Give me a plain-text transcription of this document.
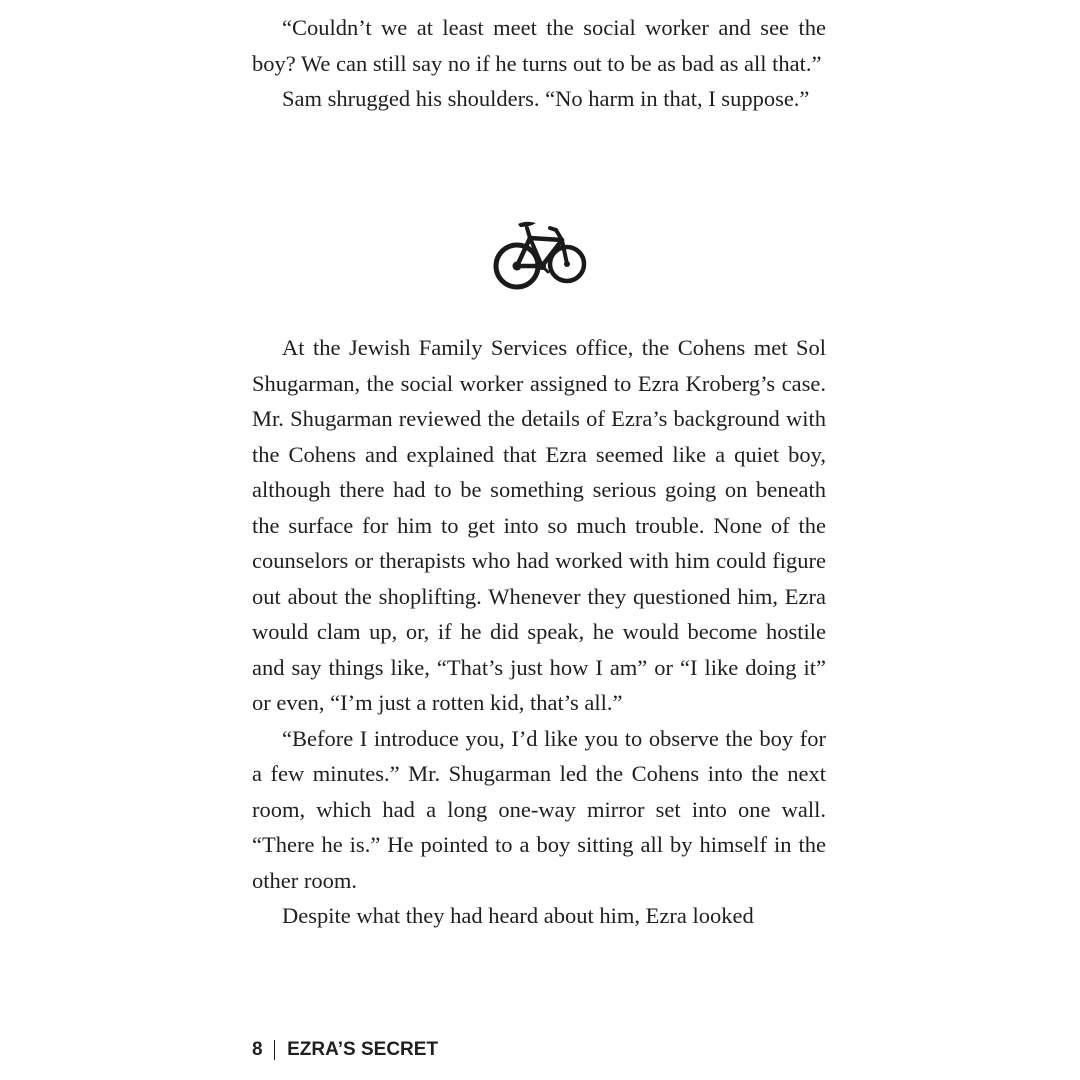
“Couldn’t we at least meet the social worker and see the boy? We can still say no if he turns out to be as bad as all that.”

Sam shrugged his shoulders. “No harm in that, I suppose.”

At the Jewish Family Services office, the Cohens met Sol Shugarman, the social worker assigned to Ezra Kroberg’s case. Mr. Shugarman reviewed the details of Ezra’s background with the Cohens and explained that Ezra seemed like a quiet boy, although there had to be something serious going on beneath the surface for him to get into so much trouble. None of the counselors or therapists who had worked with him could figure out about the shoplifting. Whenever they questioned him, Ezra would clam up, or, if he did speak, he would become hostile and say things like, “That’s just how I am” or “I like doing it” or even, “I’m just a rotten kid, that’s all.”

“Before I introduce you, I’d like you to observe the boy for a few minutes.” Mr. Shugarman led the Cohens into the next room, which had a long one-way mirror set into one wall. “There he is.” He pointed to a boy sitting all by himself in the other room.

Despite what they had heard about him, Ezra looked

8 EZRA’S SECRET
